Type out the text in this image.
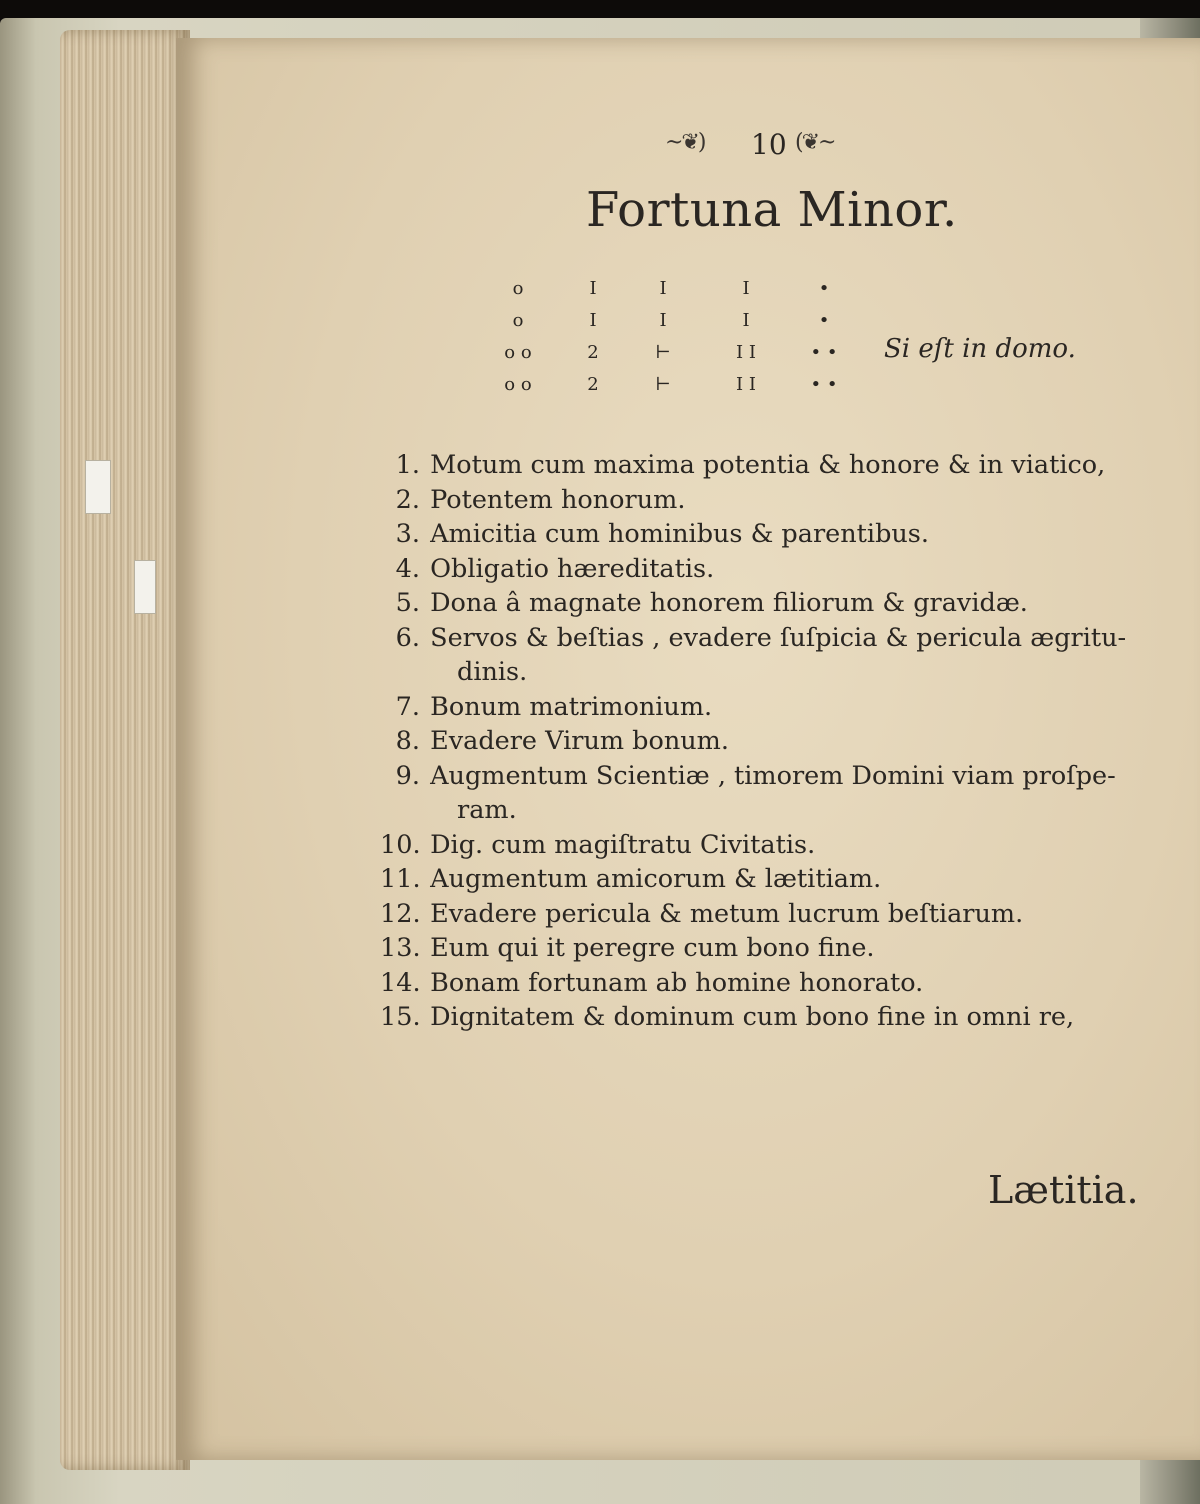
~❦) 10 (❦~
Fortuna Minor.
o
o
o o
o o
I
I
2
2
I
I
⊢
⊢
I
I
I I
I I
•
•
• •
• •
Si eſt in domo.
1. Motum cum maxima potentia & honore & in viatico,
2. Potentem honorum.
3. Amicitia cum hominibus & parentibus.
4. Obligatio hæreditatis.
5. Dona â magnate honorem filiorum & gravidæ.
6. Servos & beſtias , evadere ſuſpicia & pericula ægritu-
dinis.
7. Bonum matrimonium.
8. Evadere Virum bonum.
9. Augmentum Scientiæ , timorem Domini viam proſpe-
ram.
10. Dig. cum magiſtratu Civitatis.
11. Augmentum amicorum & lætitiam.
12. Evadere pericula & metum lucrum beſtiarum.
13. Eum qui it peregre cum bono fine.
14. Bonam fortunam ab homine honorato.
15. Dignitatem & dominum cum bono fine in omni re,
Lætitia.
